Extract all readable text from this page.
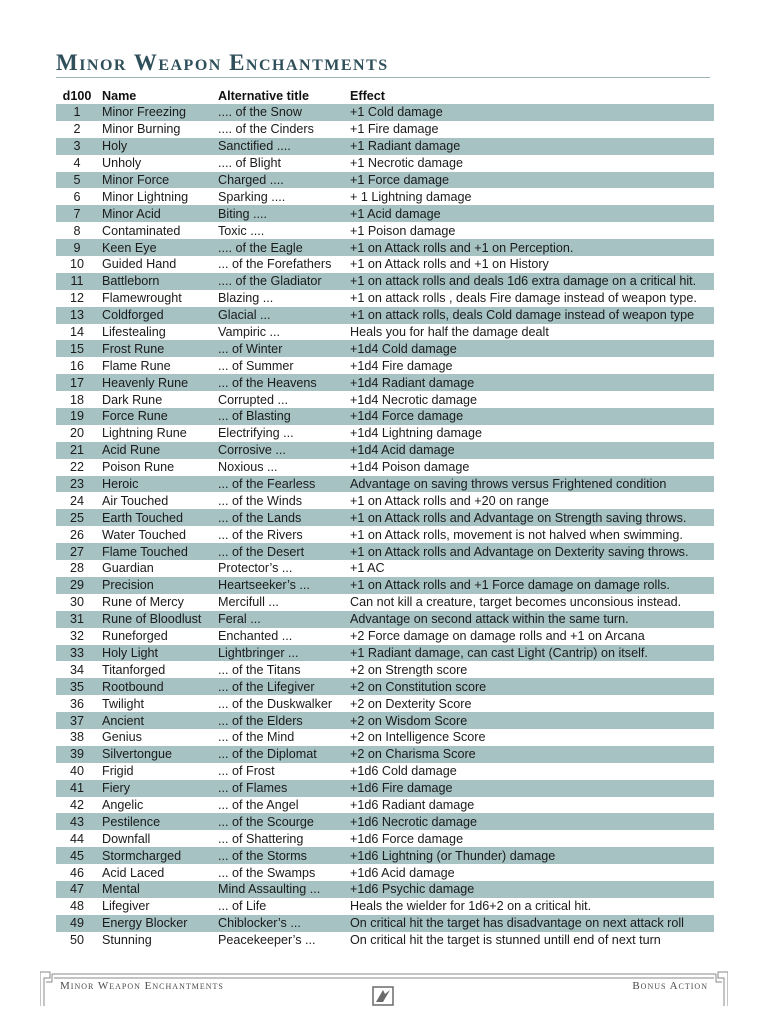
Minor Weapon Enchantments
d100	Name	Alternative title	Effect
1	Minor Freezing	.... of the Snow	+1 Cold damage
2	Minor Burning	.... of the Cinders	+1 Fire damage
3	Holy	Sanctified ....	+1 Radiant damage
4	Unholy	.... of Blight	+1 Necrotic damage
5	Minor Force	Charged ....	+1 Force damage
6	Minor Lightning	Sparking ....	+ 1 Lightning damage
7	Minor Acid	Biting ....	+1 Acid damage
8	Contaminated	Toxic ....	+1 Poison damage
9	Keen Eye	.... of the Eagle	+1 on Attack rolls and +1 on Perception.
10	Guided Hand	... of the Forefathers	+1 on Attack rolls and +1 on History
11	Battleborn	.... of the Gladiator	+1 on attack rolls and deals 1d6 extra damage on a critical hit.
12	Flamewrought	Blazing ...	+1 on attack rolls , deals Fire damage instead of weapon type.
13	Coldforged	Glacial ...	+1 on attack rolls, deals Cold damage instead of weapon type
14	Lifestealing	Vampiric ...	Heals you for half the damage dealt
15	Frost Rune	... of Winter	+1d4 Cold damage
16	Flame Rune	... of Summer	+1d4 Fire damage
17	Heavenly Rune	... of the Heavens	+1d4 Radiant damage
18	Dark Rune	Corrupted ...	+1d4 Necrotic damage
19	Force Rune	... of Blasting	+1d4 Force damage
20	Lightning Rune	Electrifying ...	+1d4 Lightning damage
21	Acid Rune	Corrosive ...	+1d4 Acid damage
22	Poison Rune	Noxious ...	+1d4 Poison damage
23	Heroic	... of the Fearless	Advantage on saving throws versus Frightened condition
24	Air Touched	... of the Winds	+1 on Attack rolls and +20 on range
25	Earth Touched	... of the Lands	+1 on Attack rolls and Advantage on Strength saving throws.
26	Water Touched	... of the Rivers	+1 on Attack rolls, movement is not halved when swimming.
27	Flame Touched	... of the Desert	+1 on Attack rolls and Advantage on Dexterity saving throws.
28	Guardian	Protector’s ...	+1 AC
29	Precision	Heartseeker’s ...	+1 on Attack rolls and +1 Force damage on damage rolls.
30	Rune of Mercy	Mercifull ...	Can not kill a creature, target becomes unconsious instead.
31	Rune of Bloodlust	Feral ...	Advantage on second attack within the same turn.
32	Runeforged	Enchanted ...	+2 Force damage on damage rolls and +1 on Arcana
33	Holy Light	Lightbringer ...	+1 Radiant damage, can cast Light (Cantrip) on itself.
34	Titanforged	... of the Titans	+2 on Strength score
35	Rootbound	... of the Lifegiver	+2 on Constitution score
36	Twilight	... of the Duskwalker	+2 on Dexterity Score
37	Ancient	... of the Elders	+2 on Wisdom Score
38	Genius	... of the Mind	+2 on Intelligence Score
39	Silvertongue	... of the Diplomat	+2 on Charisma Score
40	Frigid	... of Frost	+1d6 Cold damage
41	Fiery	... of Flames	+1d6 Fire damage
42	Angelic	... of the Angel	+1d6 Radiant damage
43	Pestilence	... of the Scourge	+1d6 Necrotic damage
44	Downfall	... of Shattering	+1d6 Force damage
45	Stormcharged	... of the Storms	+1d6 Lightning (or Thunder) damage
46	Acid Laced	... of the Swamps	+1d6 Acid damage
47	Mental	Mind Assaulting ...	+1d6 Psychic damage
48	Lifegiver	... of Life	Heals the wielder for 1d6+2 on a critical hit.
49	Energy Blocker	Chiblocker’s ...	On critical hit the target has disadvantage on next attack roll
50	Stunning	Peacekeeper’s ...	On critical hit the target is stunned untill end of next turn
Minor Weapon Enchantments	Bonus Action
